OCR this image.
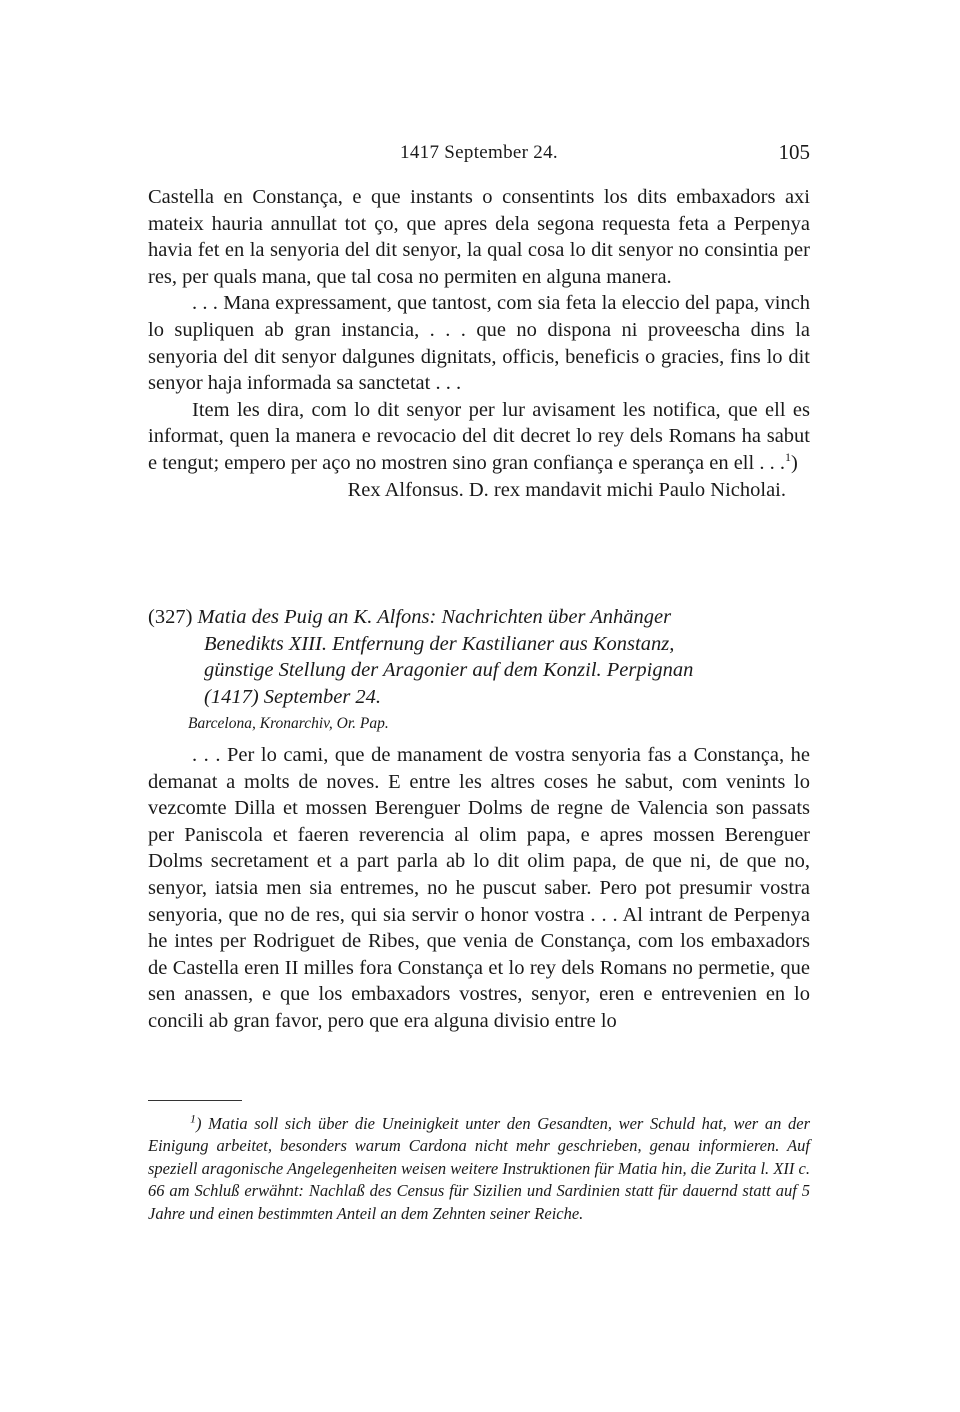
1417 September 24.	105

Castella en Constança, e que instants o consentints los dits embaxadors axi mateix hauria annullat tot ço, que apres dela segona requesta feta a Perpenya havia fet en la senyoria del dit senyor, la qual cosa lo dit senyor no consintia per res, per quals mana, que tal cosa no permiten en alguna manera.

. . . Mana expressament, que tantost, com sia feta la eleccio del papa, vinch lo supliquen ab gran instancia, . . . que no dispona ni proveescha dins la senyoria del dit senyor dalgunes dignitats, officis, beneficis o gracies, fins lo dit senyor haja informada sa sanctetat . . .

Item les dira, com lo dit senyor per lur avisament les notifica, que ell es informat, quen la manera e revocacio del dit decret lo rey dels Romans ha sabut e tengut; empero per aço no mostren sino gran confiança e sperança en ell . . .$^1$)

Rex Alfonsus. D. rex mandavit michi Paulo Nicholai.

(327) Matia des Puig an K. Alfons: Nachrichten über Anhänger
Benedikts XIII. Entfernung der Kastilianer aus Konstanz,
günstige Stellung der Aragonier auf dem Konzil. Perpignan
(1417) September 24.
Barcelona, Kronarchiv, Or. Pap.

. . . Per lo cami, que de manament de vostra senyoria fas a Constança, he demanat a molts de noves. E entre les altres coses he sabut, com venints lo vezcomte Dilla et mossen Berenguer Dolms de regne de Valencia son passats per Paniscola et faeren reverencia al olim papa, e apres mossen Berenguer Dolms secretament et a part parla ab lo dit olim papa, de que ni, de que no, senyor, iatsia men sia entremes, no he puscut saber. Pero pot presumir vostra senyoria, que no de res, qui sia servir o honor vostra . . . Al intrant de Perpenya he intes per Rodriguet de Ribes, que venia de Constança, com los embaxadors de Castella eren II milles fora Constança et lo rey dels Romans no permetie, que sen anassen, e que los embaxadors vostres, senyor, eren e entrevenien en lo concili ab gran favor, pero que era alguna divisio entre lo

$^1$) Matia soll sich über die Uneinigkeit unter den Gesandten, wer Schuld hat, wer an der Einigung arbeitet, besonders warum Cardona nicht mehr geschrieben, genau informieren. Auf speziell aragonische Angelegenheiten weisen weitere Instruktionen für Matia hin, die Zurita l. XII c. 66 am Schluß erwähnt: Nachlaß des Census für Sizilien und Sardinien statt für dauernd statt auf 5 Jahre und einen bestimmten Anteil an dem Zehnten seiner Reiche.
